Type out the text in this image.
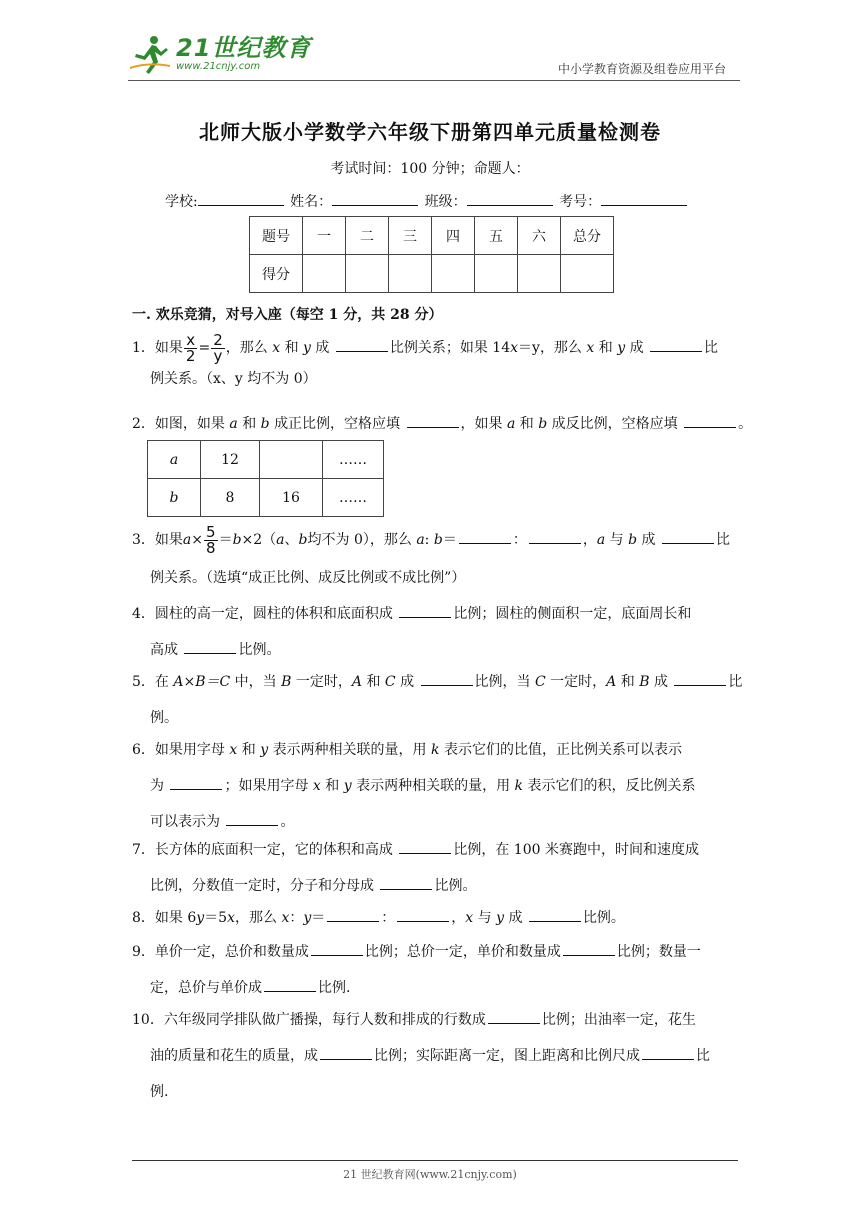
21世纪教育
www.21cnjy.com	中小学教育资源及组卷应用平台
北师大版小学数学六年级下册第四单元质量检测卷
考试时间：100 分钟；命题人：
学校:	姓名：	班级：	考号：
题号	一	二	三	四	五	六	总分
得分							
一. 欢乐竞猜，对号入座（每空 1 分，共 28 分）
1．如果 $\frac{x}{2} = \frac{2}{y}$ ，那么 x 和 y 成	比例关系；如果 14x＝y，那么 x 和 y 成	比
例关系。（x、y 均不为 0）
2．如图，如果 a 和 b 成正比例，空格应填	，如果 a 和 b 成反比例，空格应填	。
a	12		……
b	8	16	……
3．如果$a\times \frac{5}{8} =b\times 2(a$、b均不为 0），那么 a: b＝	：	，a 与 b 成	比
例关系。（选填“成正比例、成反比例或不成比例”）
4．圆柱的高一定，圆柱的体积和底面积成	比例；圆柱的侧面积一定，底面周长和
高成	比例。
5．在 A×B＝C 中，当 B 一定时，A 和 C 成	比例，当 C 一定时，A 和 B 成	比
例。
6．如果用字母 x 和 y 表示两种相关联的量，用 k 表示它们的比值，正比例关系可以表示
为	；如果用字母 x 和 y 表示两种相关联的量，用 k 表示它们的积，反比例关系
可以表示为	。
7．长方体的底面积一定，它的体积和高成	比例，在 100 米赛跑中，时间和速度成
比例，分数值一定时，分子和分母成	比例。
8．如果 6y＝5x，那么 x：y＝	：	，x 与 y 成	比例。
9．单价一定，总价和数量成	比例；总价一定，单价和数量成	比例；数量一
定，总价与单价成	比例.
10．六年级同学排队做广播操，每行人数和排成的行数成	比例；出油率一定，花生
油的质量和花生的质量，成	比例；实际距离一定，图上距离和比例尺成	比
例.
21 世纪教育网(www.21cnjy.com)
